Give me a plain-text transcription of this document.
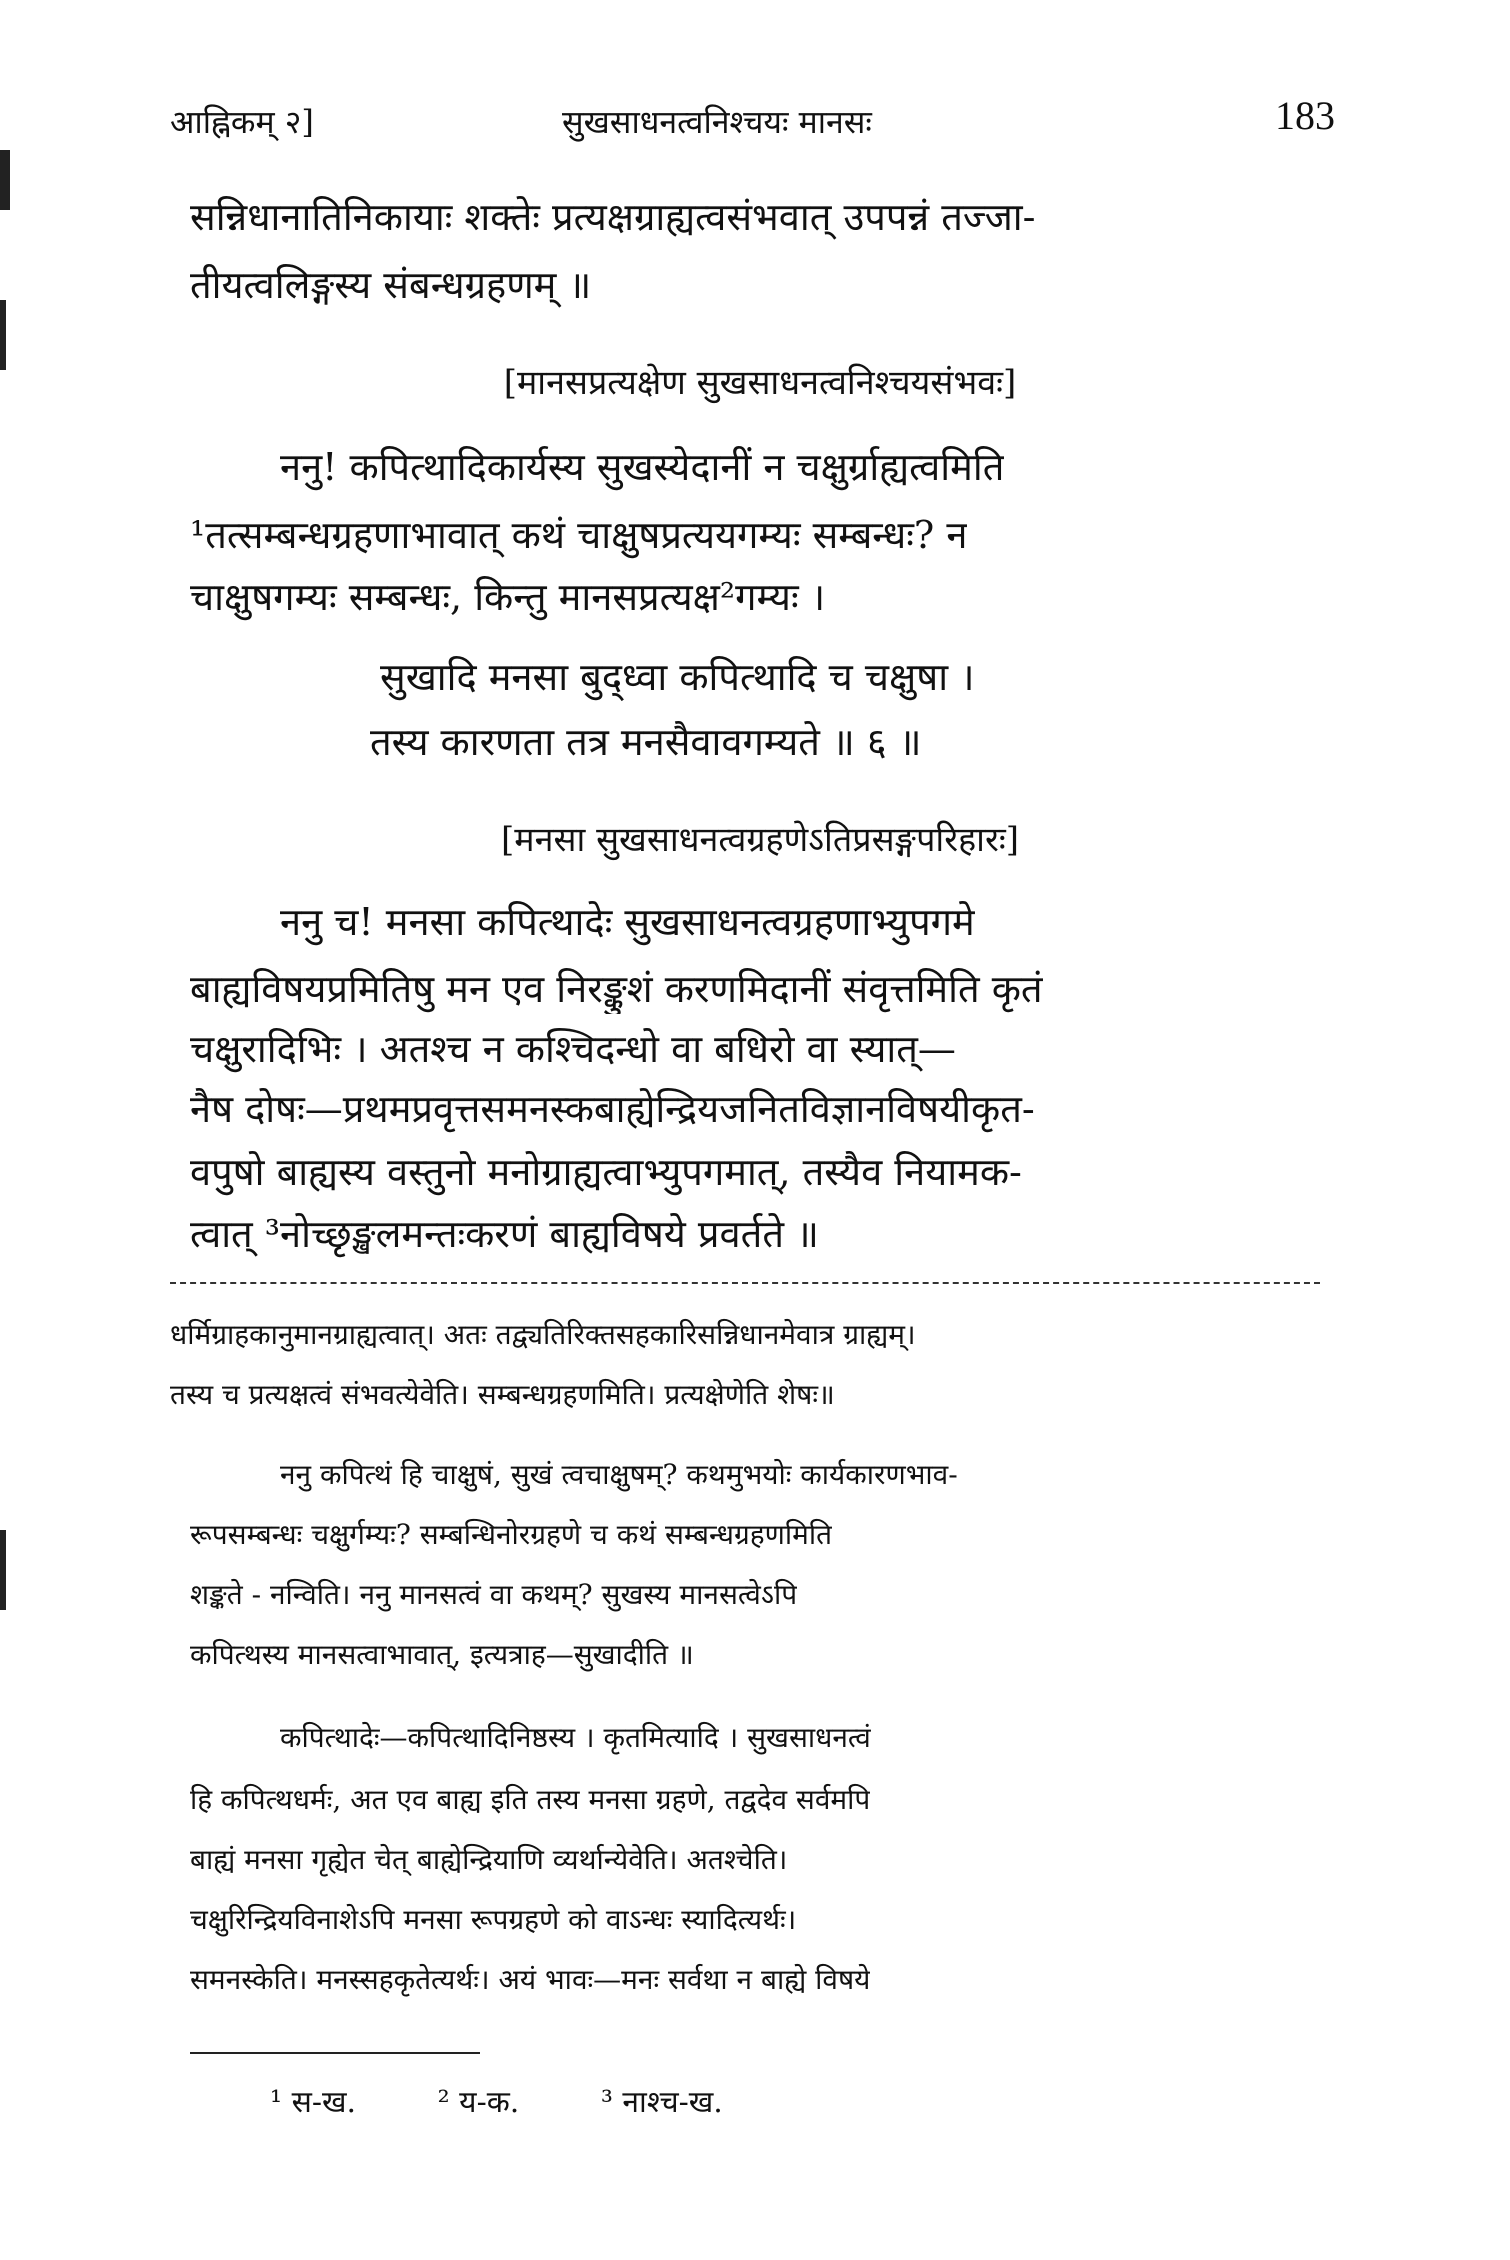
आह्निकम् २]	सुखसाधनत्वनिश्चयः मानसः	183
सन्निधानातिनिकायाः शक्तेः प्रत्यक्षग्राह्यत्वसंभवात् उपपन्नं तज्जा-
तीयत्वलिङ्गस्य संबन्धग्रहणम् ॥
[मानसप्रत्यक्षेण सुखसाधनत्वनिश्चयसंभवः]
ननु! कपित्थादिकार्यस्य सुखस्येदानीं न चक्षुर्ग्राह्यत्वमिति
¹तत्सम्बन्धग्रहणाभावात् कथं चाक्षुषप्रत्ययगम्यः सम्बन्धः? न
चाक्षुषगम्यः सम्बन्धः, किन्तु मानसप्रत्यक्ष²गम्यः ।
सुखादि मनसा बुद्ध्वा कपित्थादि च चक्षुषा ।
तस्य कारणता तत्र मनसैवावगम्यते ॥ ६ ॥
[मनसा सुखसाधनत्वग्रहणेऽतिप्रसङ्गपरिहारः]
ननु च! मनसा कपित्थादेः सुखसाधनत्वग्रहणाभ्युपगमे
बाह्यविषयप्रमितिषु मन एव निरङ्कुशं करणमिदानीं संवृत्तमिति कृतं
चक्षुरादिभिः । अतश्च न कश्चिदन्धो वा बधिरो वा स्यात्—
नैष दोषः—प्रथमप्रवृत्तसमनस्कबाह्येन्द्रियजनितविज्ञानविषयीकृत-
वपुषो बाह्यस्य वस्तुनो मनोग्राह्यत्वाभ्युपगमात्, तस्यैव नियामक-
त्वात् ³नोच्छृङ्खलमन्तःकरणं बाह्यविषये प्रवर्तते ॥
धर्मिग्राहकानुमानग्राह्यत्वात्। अतः तद्व्यतिरिक्तसहकारिसन्निधानमेवात्र ग्राह्यम्।
तस्य च प्रत्यक्षत्वं संभवत्येवेति। सम्बन्धग्रहणमिति। प्रत्यक्षेणेति शेषः॥
ननु कपित्थं हि चाक्षुषं, सुखं त्वचाक्षुषम्? कथमुभयोः कार्यकारणभाव-
रूपसम्बन्धः चक्षुर्गम्यः? सम्बन्धिनोरग्रहणे च कथं सम्बन्धग्रहणमिति
शङ्कते - नन्विति। ननु मानसत्वं वा कथम्? सुखस्य मानसत्वेऽपि
कपित्थस्य मानसत्वाभावात्, इत्यत्राह—सुखादीति ॥
कपित्थादेः—कपित्थादिनिष्ठस्य । कृतमित्यादि । सुखसाधनत्वं
हि कपित्थधर्मः, अत एव बाह्य इति तस्य मनसा ग्रहणे, तद्वदेव सर्वमपि
बाह्यं मनसा गृह्येत चेत् बाह्येन्द्रियाणि व्यर्थान्येवेति। अतश्चेति।
चक्षुरिन्द्रियविनाशेऽपि मनसा रूपग्रहणे को वाऽन्धः स्यादित्यर्थः।
समनस्केति। मनस्सहकृतेत्यर्थः। अयं भावः—मनः सर्वथा न बाह्ये विषये
¹ स-ख.	² य-क.	³ नाश्च-ख.
